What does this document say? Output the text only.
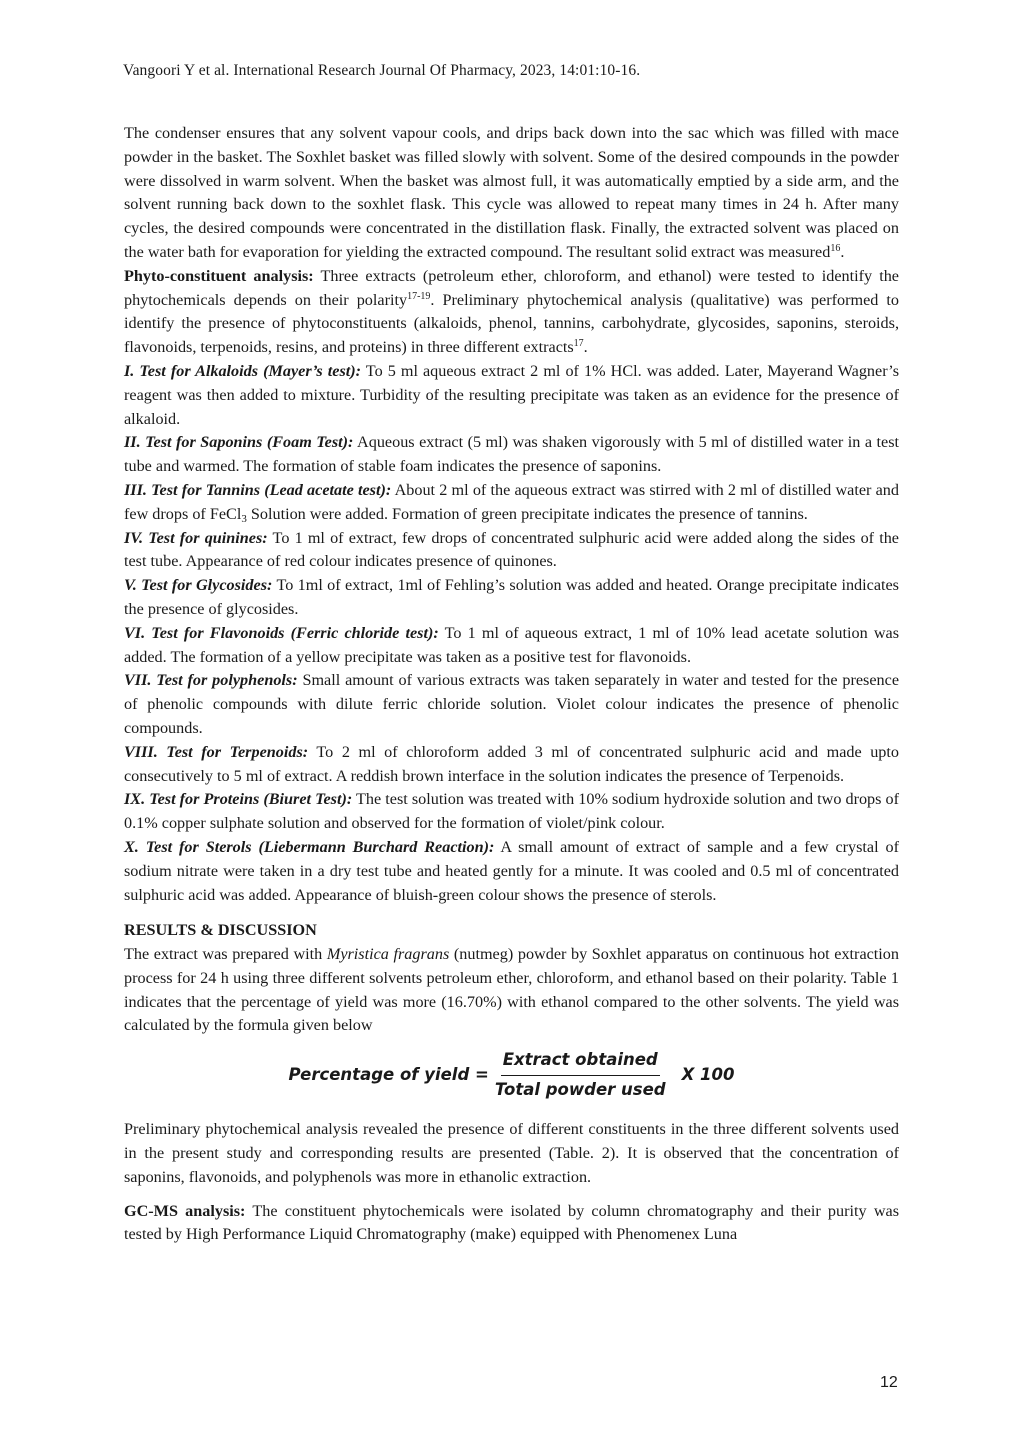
Vangoori Y et al. International Research Journal Of Pharmacy, 2023, 14:01:10-16.

The condenser ensures that any solvent vapour cools, and drips back down into the sac which was filled with mace powder in the basket. The Soxhlet basket was filled slowly with solvent. Some of the desired compounds in the powder were dissolved in warm solvent. When the basket was almost full, it was automatically emptied by a side arm, and the solvent running back down to the soxhlet flask. This cycle was allowed to repeat many times in 24 h. After many cycles, the desired compounds were concentrated in the distillation flask. Finally, the extracted solvent was placed on the water bath for evaporation for yielding the extracted compound. The resultant solid extract was measured$^{16}$.

Phyto-constituent analysis: Three extracts (petroleum ether, chloroform, and ethanol) were tested to identify the phytochemicals depends on their polarity$^{17-19}$. Preliminary phytochemical analysis (qualitative) was performed to identify the presence of phytoconstituents (alkaloids, phenol, tannins, carbohydrate, glycosides, saponins, steroids, flavonoids, terpenoids, resins, and proteins) in three different extracts$^{17}$.

I. Test for Alkaloids (Mayer’s test): To 5 ml aqueous extract 2 ml of 1% HCl. was added. Later, Mayerand Wagner’s reagent was then added to mixture. Turbidity of the resulting precipitate was taken as an evidence for the presence of alkaloid.

II. Test for Saponins (Foam Test): Aqueous extract (5 ml) was shaken vigorously with 5 ml of distilled water in a test tube and warmed. The formation of stable foam indicates the presence of saponins.

III. Test for Tannins (Lead acetate test): About 2 ml of the aqueous extract was stirred with 2 ml of distilled water and few drops of FeCl$_3$ Solution were added. Formation of green precipitate indicates the presence of tannins.

IV. Test for quinines: To 1 ml of extract, few drops of concentrated sulphuric acid were added along the sides of the test tube. Appearance of red colour indicates presence of quinones.

V. Test for Glycosides: To 1ml of extract, 1ml of Fehling’s solution was added and heated. Orange precipitate indicates the presence of glycosides.

VI. Test for Flavonoids (Ferric chloride test): To 1 ml of aqueous extract, 1 ml of 10% lead acetate solution was added. The formation of a yellow precipitate was taken as a positive test for flavonoids.

VII. Test for polyphenols: Small amount of various extracts was taken separately in water and tested for the presence of phenolic compounds with dilute ferric chloride solution. Violet colour indicates the presence of phenolic compounds.

VIII. Test for Terpenoids: To 2 ml of chloroform added 3 ml of concentrated sulphuric acid and made upto consecutively to 5 ml of extract. A reddish brown interface in the solution indicates the presence of Terpenoids.

IX. Test for Proteins (Biuret Test): The test solution was treated with 10% sodium hydroxide solution and two drops of 0.1% copper sulphate solution and observed for the formation of violet/pink colour.

X. Test for Sterols (Liebermann Burchard Reaction): A small amount of extract of sample and a few crystal of sodium nitrate were taken in a dry test tube and heated gently for a minute. It was cooled and 0.5 ml of concentrated sulphuric acid was added. Appearance of bluish-green colour shows the presence of sterols.

RESULTS & DISCUSSION

The extract was prepared with Myristica fragrans (nutmeg) powder by Soxhlet apparatus on continuous hot extraction process for 24 h using three different solvents petroleum ether, chloroform, and ethanol based on their polarity. Table 1 indicates that the percentage of yield was more (16.70%) with ethanol compared to the other solvents. The yield was calculated by the formula given below

Percentage of yield = $\frac{\text{Extract obtained}}{\text{Total powder used}}$ X 100

Preliminary phytochemical analysis revealed the presence of different constituents in the three different solvents used in the present study and corresponding results are presented (Table. 2). It is observed that the concentration of saponins, flavonoids, and polyphenols was more in ethanolic extraction.

GC-MS analysis: The constituent phytochemicals were isolated by column chromatography and their purity was tested by High Performance Liquid Chromatography (make) equipped with Phenomenex Luna

12
